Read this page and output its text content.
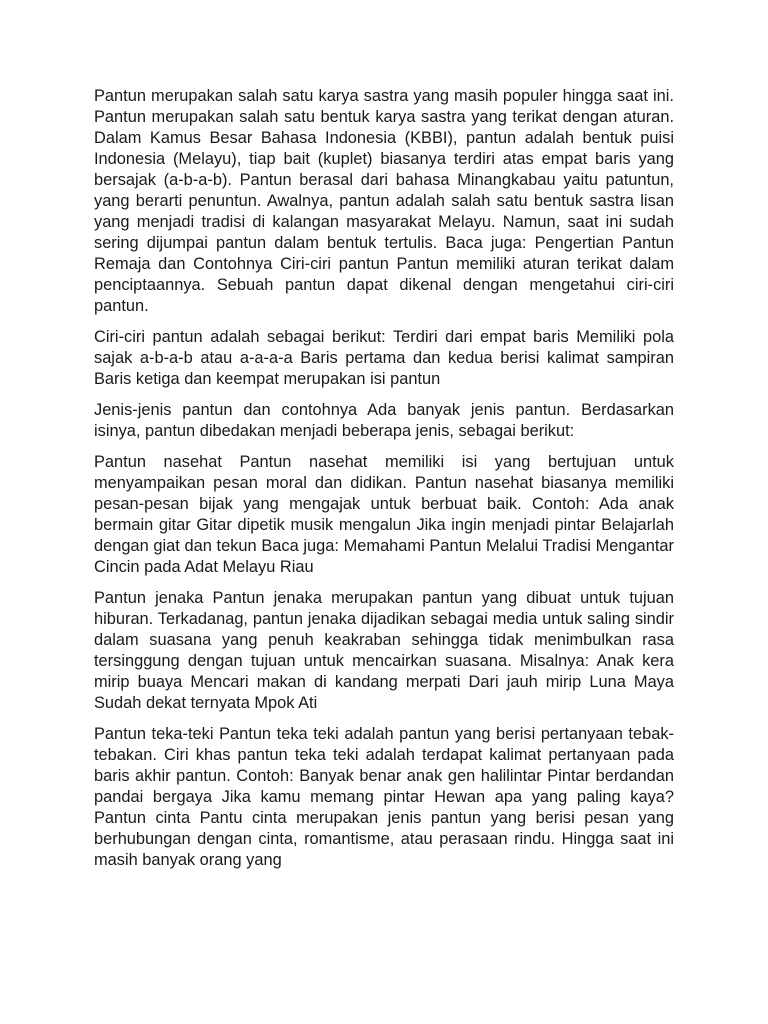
Pantun merupakan salah satu karya sastra yang masih populer hingga saat ini. Pantun merupakan salah satu bentuk karya sastra yang terikat dengan aturan. Dalam Kamus Besar Bahasa Indonesia (KBBI), pantun adalah bentuk puisi Indonesia (Melayu), tiap bait (kuplet) biasanya terdiri atas empat baris yang bersajak (a-b-a-b). Pantun berasal dari bahasa Minangkabau yaitu patuntun, yang berarti penuntun. Awalnya, pantun adalah salah satu bentuk sastra lisan yang menjadi tradisi di kalangan masyarakat Melayu. Namun, saat ini sudah sering dijumpai pantun dalam bentuk tertulis. Baca juga: Pengertian Pantun Remaja dan Contohnya Ciri-ciri pantun Pantun memiliki aturan terikat dalam penciptaannya. Sebuah pantun dapat dikenal dengan mengetahui ciri-ciri pantun.

Ciri-ciri pantun adalah sebagai berikut: Terdiri dari empat baris Memiliki pola sajak a-b-a-b atau a-a-a-a Baris pertama dan kedua berisi kalimat sampiran Baris ketiga dan keempat merupakan isi pantun

Jenis-jenis pantun dan contohnya Ada banyak jenis pantun. Berdasarkan isinya, pantun dibedakan menjadi beberapa jenis, sebagai berikut:

Pantun nasehat Pantun nasehat memiliki isi yang bertujuan untuk menyampaikan pesan moral dan didikan. Pantun nasehat biasanya memiliki pesan-pesan bijak yang mengajak untuk berbuat baik. Contoh: Ada anak bermain gitar Gitar dipetik musik mengalun Jika ingin menjadi pintar Belajarlah dengan giat dan tekun Baca juga: Memahami Pantun Melalui Tradisi Mengantar Cincin pada Adat Melayu Riau

Pantun jenaka Pantun jenaka merupakan pantun yang dibuat untuk tujuan hiburan. Terkadanag, pantun jenaka dijadikan sebagai media untuk saling sindir dalam suasana yang penuh keakraban sehingga tidak menimbulkan rasa tersinggung dengan tujuan untuk mencairkan suasana. Misalnya: Anak kera mirip buaya Mencari makan di kandang merpati Dari jauh mirip Luna Maya Sudah dekat ternyata Mpok Ati

Pantun teka-teki Pantun teka teki adalah pantun yang berisi pertanyaan tebak-tebakan. Ciri khas pantun teka teki adalah terdapat kalimat pertanyaan pada baris akhir pantun. Contoh: Banyak benar anak gen halilintar Pintar berdandan pandai bergaya Jika kamu memang pintar Hewan apa yang paling kaya? Pantun cinta Pantu cinta merupakan jenis pantun yang berisi pesan yang berhubungan dengan cinta, romantisme, atau perasaan rindu. Hingga saat ini masih banyak orang yang
